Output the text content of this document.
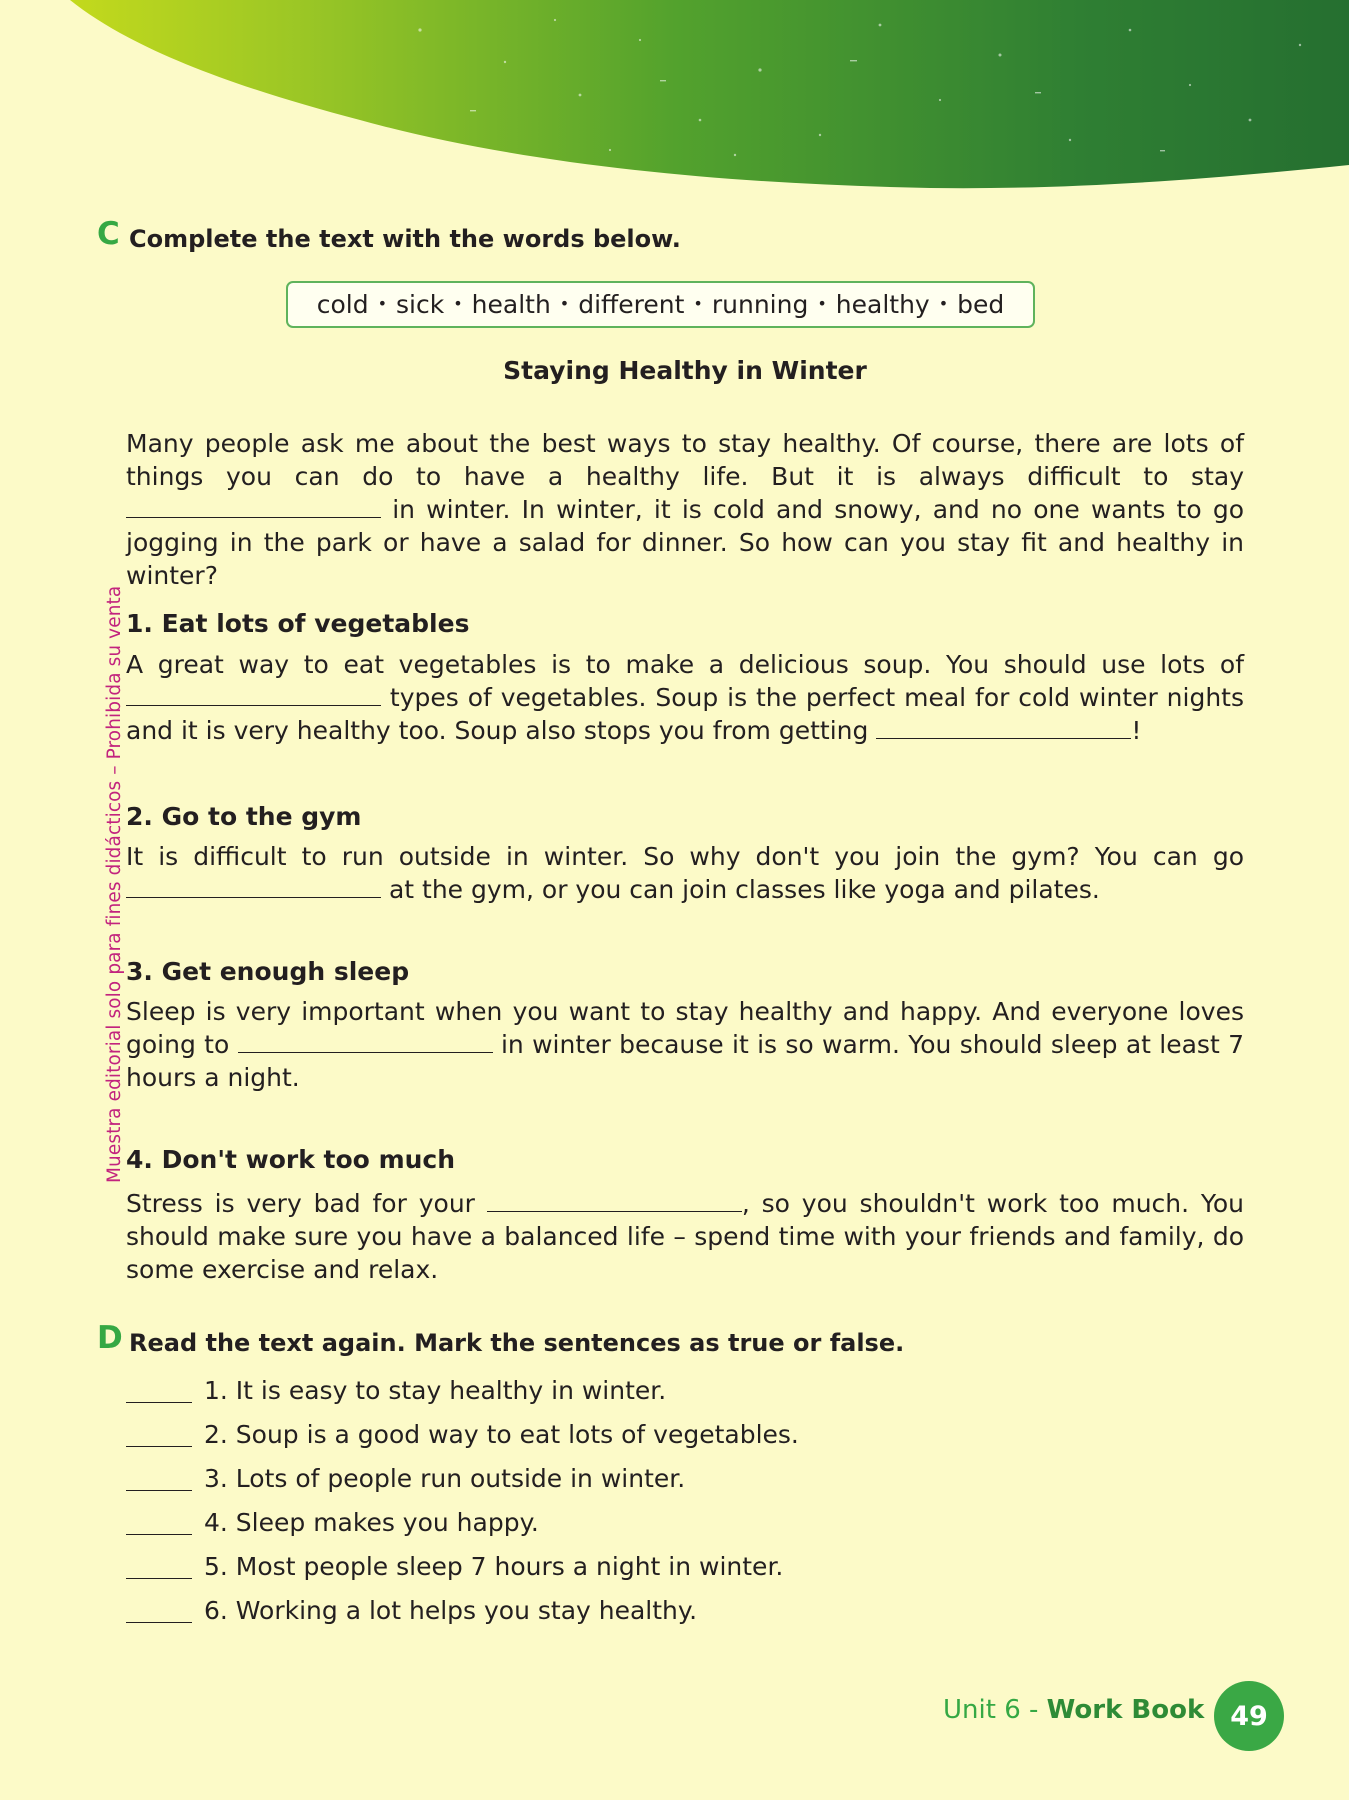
Muestra editorial solo para fines didácticos – Prohibida su venta
C Complete the text with the words below.
cold • sick • health • different • running • healthy • bed
Staying Healthy in Winter
Many people ask me about the best ways to stay healthy. Of course, there are lots of things you can do to have a healthy life. But it is always difficult to stay  in winter. In winter, it is cold and snowy, and no one wants to go jogging in the park or have a salad for dinner. So how can you stay fit and healthy in winter?
1. Eat lots of vegetables
A great way to eat vegetables is to make a delicious soup. You should use lots of  types of vegetables. Soup is the perfect meal for cold winter nights and it is very healthy too. Soup also stops you from getting	!
2. Go to the gym
It is difficult to run outside in winter. So why don't you join the gym? You can go  at the gym, or you can join classes like yoga and pilates.
3. Get enough sleep
Sleep is very important when you want to stay healthy and happy. And everyone loves going to	in winter because it is so warm. You should sleep at least 7 hours a night.
4. Don't work too much
Stress is very bad for your	, so you shouldn't work too much. You should make sure you have a balanced life – spend time with your friends and family, do some exercise and relax.
D Read the text again. Mark the sentences as true or false.
1. It is easy to stay healthy in winter.
2. Soup is a good way to eat lots of vegetables.
3. Lots of people run outside in winter.
4. Sleep makes you happy.
5. Most people sleep 7 hours a night in winter.
6. Working a lot helps you stay healthy.
Unit 6 - Work Book 49
